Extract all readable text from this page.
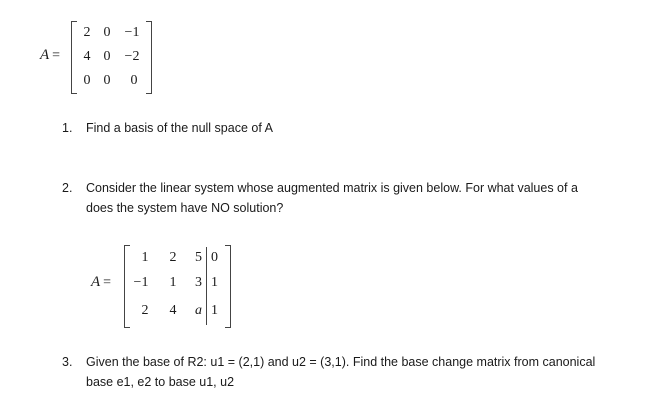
A =
2 0	−1
4 0	−2
0 0 0
1. Find a basis of the null space of A
2. Consider the linear system whose augmented matrix is given below. For what values of a
does the system have NO solution?
A =
1 2 5 0
−1 1 3 1
2 4 a 1
3. Given the base of R2: u1 = (2,1) and u2 = (3,1). Find the base change matrix from canonical
base e1, e2 to base u1, u2
